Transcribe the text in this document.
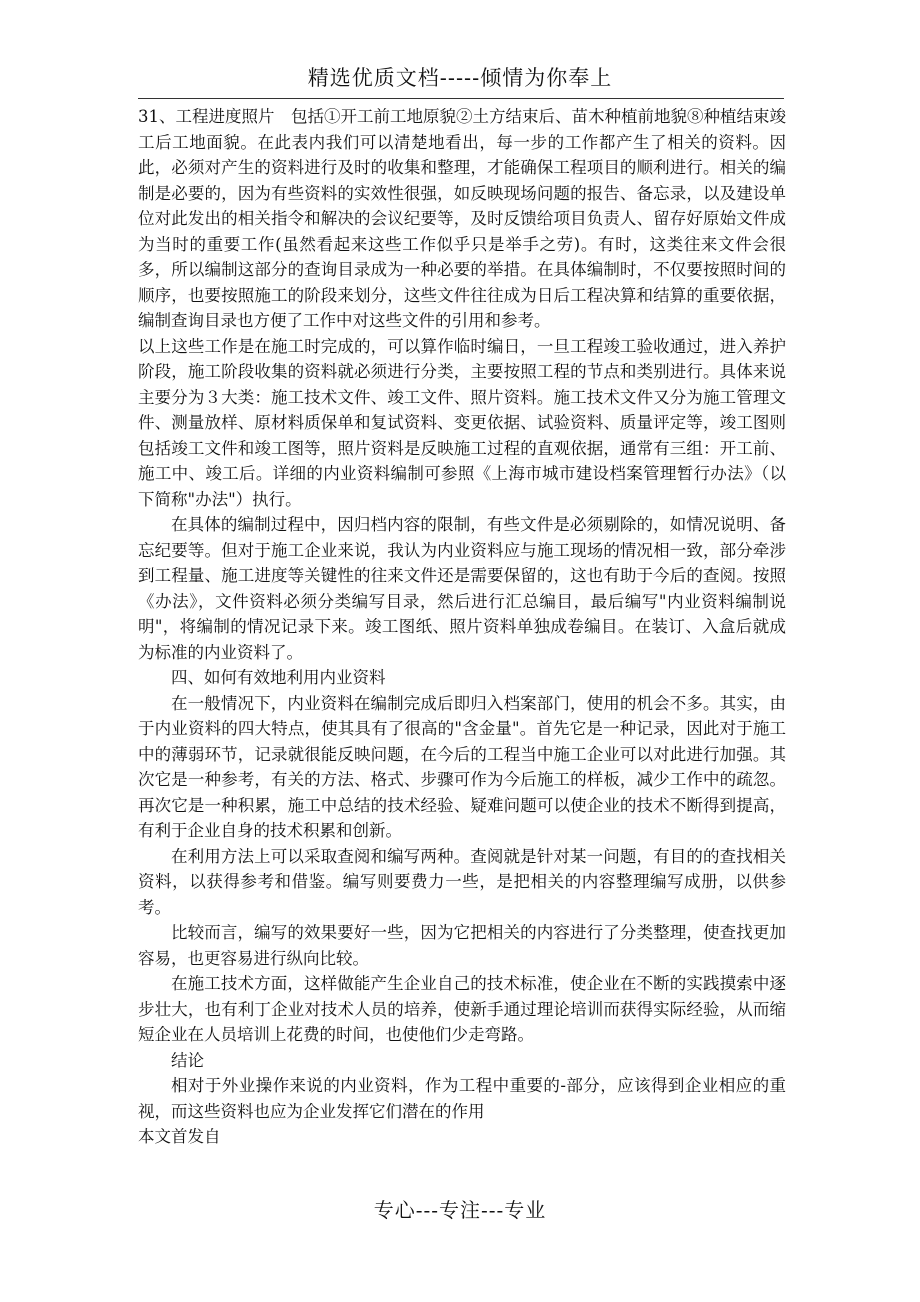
精选优质文档-----倾情为你奉上

31、工程进度照片　包括①开工前工地原貌②土方结束后、苗木种植前地貌⑧种植结束竣工后工地面貌。在此表内我们可以清楚地看出，每一步的工作都产生了相关的资料。因此，必须对产生的资料进行及时的收集和整理，才能确保工程项目的顺利进行。相关的编制是必要的，因为有些资料的实效性很强，如反映现场问题的报告、备忘录，以及建设单位对此发出的相关指令和解决的会议纪要等，及时反馈给项目负责人、留存好原始文件成为当时的重要工作(虽然看起来这些工作似乎只是举手之劳)。有时，这类往来文件会很多，所以编制这部分的查询目录成为一种必要的举措。在具体编制时，不仅要按照时间的顺序，也要按照施工的阶段来划分，这些文件往往成为日后工程决算和结算的重要依据，编制查询目录也方便了工作中对这些文件的引用和参考。

以上这些工作是在施工时完成的，可以算作临时编日，一旦工程竣工验收通过，进入养护阶段，施工阶段收集的资料就必须进行分类，主要按照工程的节点和类别进行。具体来说主要分为３大类：施工技术文件、竣工文件、照片资料。施工技术文件又分为施工管理文件、测量放样、原材料质保单和复试资料、变更依据、试验资料、质量评定等，竣工图则包括竣工文件和竣工图等，照片资料是反映施工过程的直观依据，通常有三组：开工前、施工中、竣工后。详细的内业资料编制可参照《上海市城市建设档案管理暂行办法》（以下简称"办法"）执行。

在具体的编制过程中，因归档内容的限制，有些文件是必须剔除的，如情况说明、备忘纪要等。但对于施工企业来说，我认为内业资料应与施工现场的情况相一致，部分牵涉到工程量、施工进度等关键性的往来文件还是需要保留的，这也有助于今后的查阅。按照《办法》，文件资料必须分类编写目录，然后进行汇总编目，最后编写"内业资料编制说明"，将编制的情况记录下来。竣工图纸、照片资料单独成卷编目。在装订、入盒后就成为标准的内业资料了。

四、如何有效地利用内业资料

在一般情况下，内业资料在编制完成后即归入档案部门，使用的机会不多。其实，由于内业资料的四大特点，使其具有了很高的"含金量"。首先它是一种记录，因此对于施工中的薄弱环节，记录就很能反映问题，在今后的工程当中施工企业可以对此进行加强。其次它是一种参考，有关的方法、格式、步骤可作为今后施工的样板，减少工作中的疏忽。再次它是一种积累，施工中总结的技术经验、疑难问题可以使企业的技术不断得到提高，有利于企业自身的技术积累和创新。

在利用方法上可以采取查阅和编写两种。查阅就是针对某一问题，有目的的查找相关资料，以获得参考和借鉴。编写则要费力一些，是把相关的内容整理编写成册，以供参考。

比较而言，编写的效果要好一些，因为它把相关的内容进行了分类整理，使查找更加容易，也更容易进行纵向比较。

在施工技术方面，这样做能产生企业自己的技术标准，使企业在不断的实践摸索中逐步壮大，也有利丁企业对技术人员的培养，使新手通过理论培训而获得实际经验，从而缩短企业在人员培训上花费的时间，也使他们少走弯路。

结论

相对于外业操作来说的内业资料，作为工程中重要的-部分，应该得到企业相应的重视，而这些资料也应为企业发挥它们潜在的作用

本文首发自

专心---专注---专业
